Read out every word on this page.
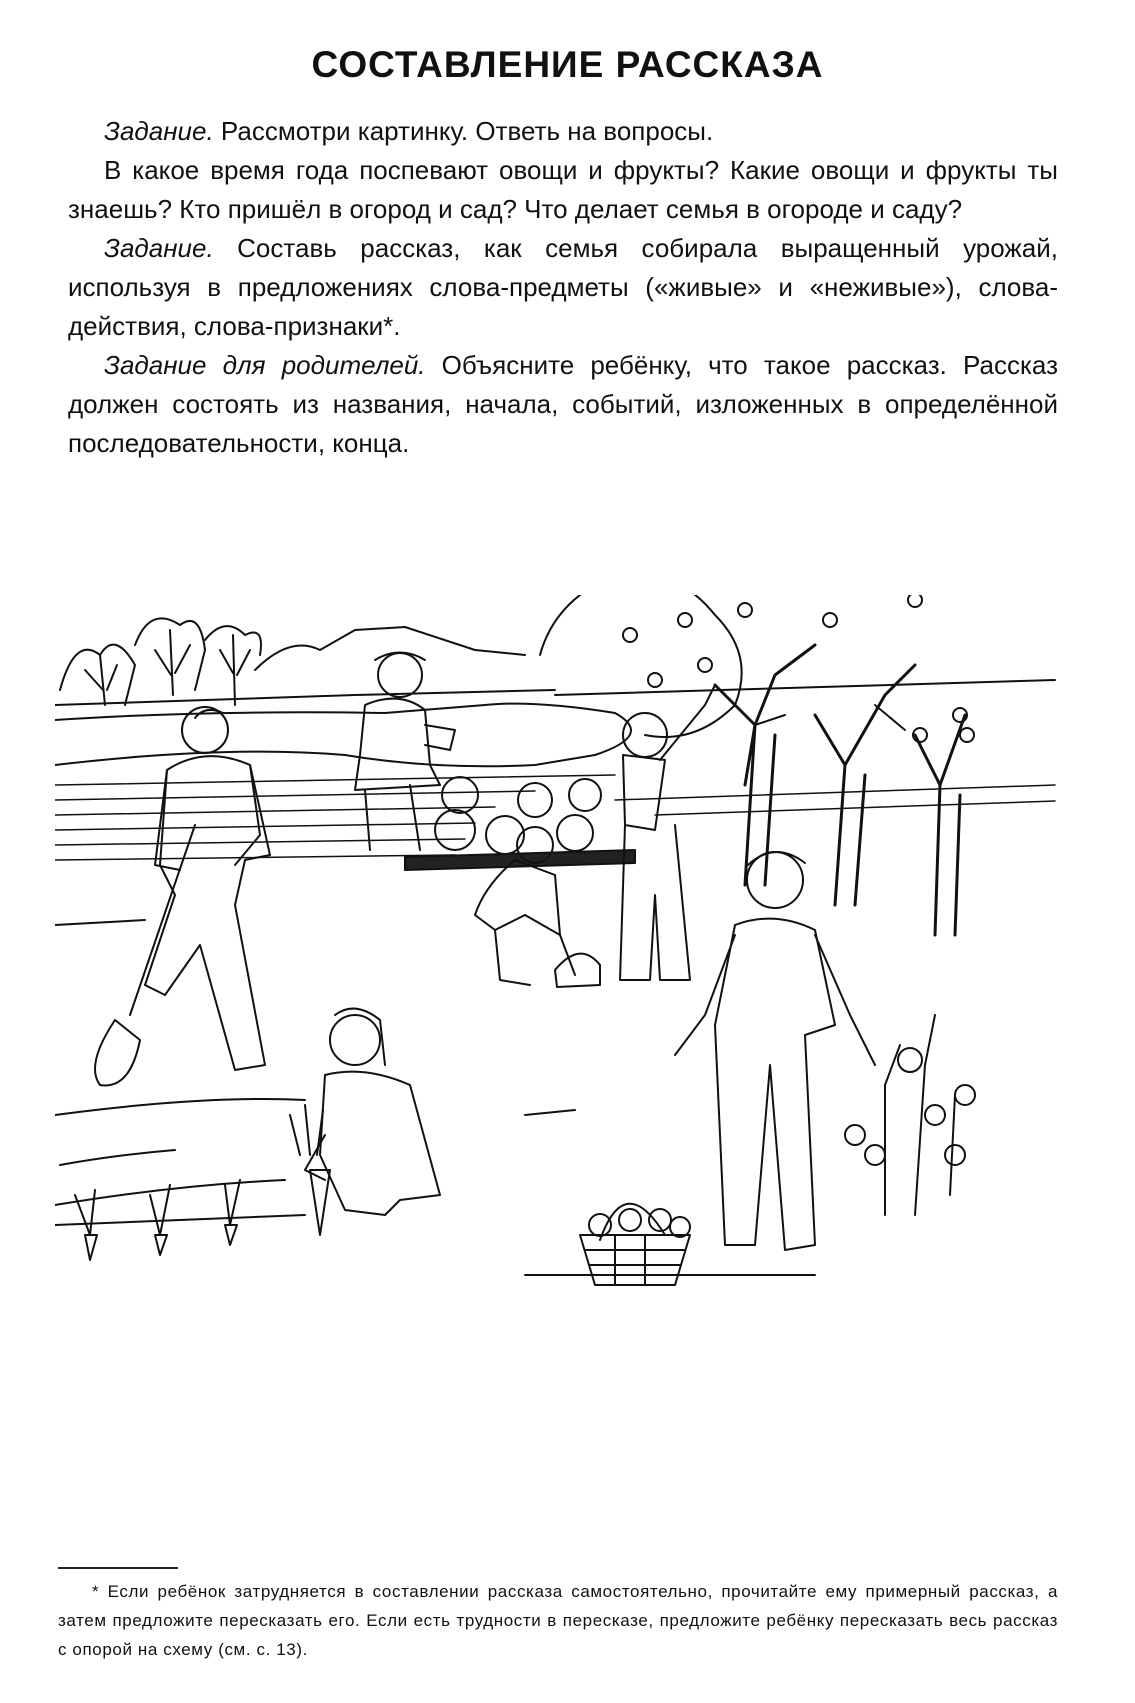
СОСТАВЛЕНИЕ РАССКАЗА

Задание. Рассмотри картинку. Ответь на вопросы.

В какое время года поспевают овощи и фрукты? Какие овощи и фрукты ты знаешь? Кто пришёл в огород и сад? Что делает семья в огороде и саду?

Задание. Составь рассказ, как семья собирала выращенный урожай, используя в предложениях слова-предметы («живые» и «неживые»), слова-действия, слова-признаки*.

Задание для родителей. Объясните ребёнку, что такое рассказ. Рассказ должен состоять из названия, начала, событий, изложенных в определённой последовательности, конца.

* Если ребёнок затрудняется в составлении рассказа самостоятельно, прочитайте ему примерный рассказ, а затем предложите пересказать его. Если есть трудности в пересказе, предложите ребёнку пересказать весь рассказ с опорой на схему (см. с. 13).
